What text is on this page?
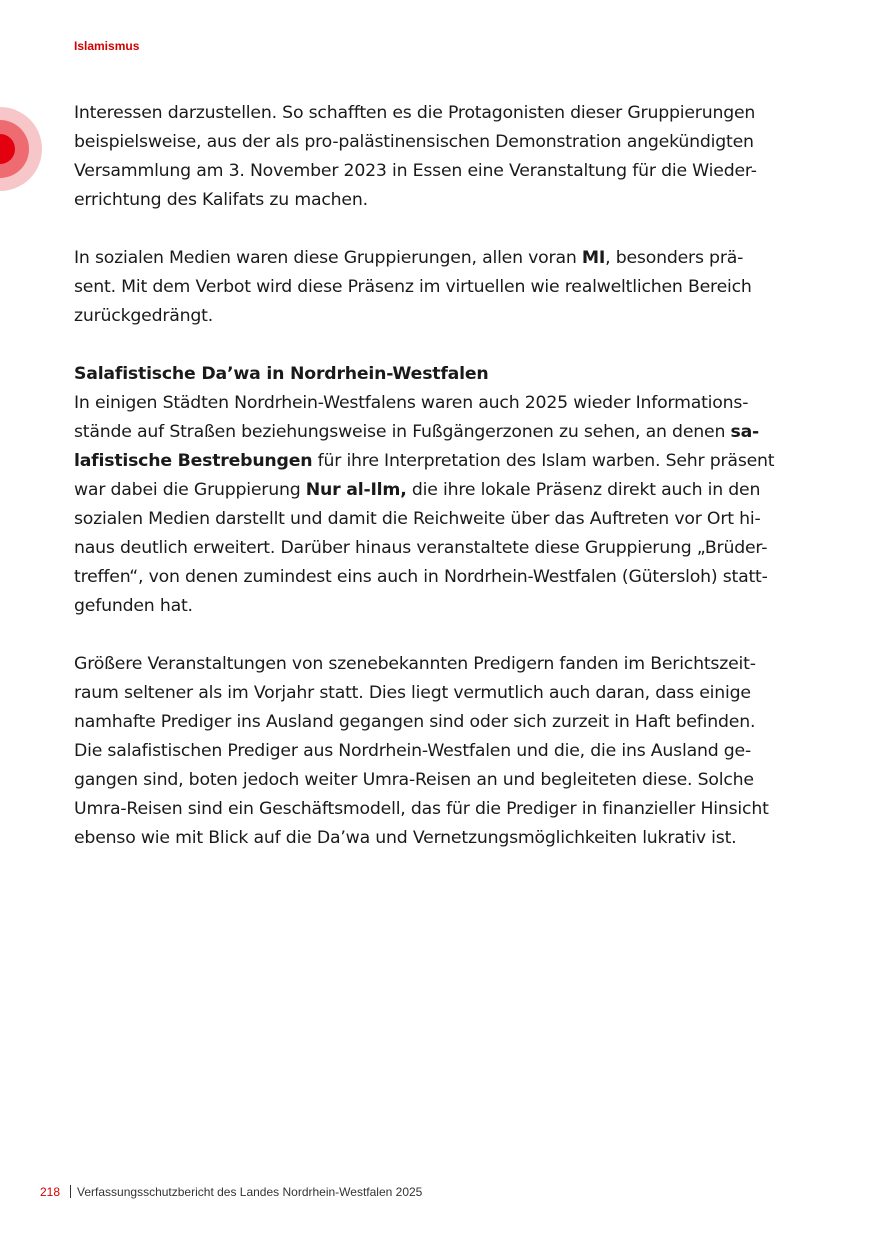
Islamismus
Interessen darzustellen. So schafften es die Protagonisten dieser Gruppierungen
beispielsweise, aus der als pro-palästinensischen Demonstration angekündigten
Versammlung am 3. November 2023 in Essen eine Veranstaltung für die Wieder-
errichtung des Kalifats zu machen.
In sozialen Medien waren diese Gruppierungen, allen voran MI, besonders prä-
sent. Mit dem Verbot wird diese Präsenz im virtuellen wie realweltlichen Bereich
zurückgedrängt.
Salafistische Da’wa in Nordrhein-Westfalen
In einigen Städten Nordrhein-Westfalens waren auch 2025 wieder Informations-
stände auf Straßen beziehungsweise in Fußgängerzonen zu sehen, an denen sa-
lafistische Bestrebungen für ihre Interpretation des Islam warben. Sehr präsent
war dabei die Gruppierung Nur al-Ilm, die ihre lokale Präsenz direkt auch in den
sozialen Medien darstellt und damit die Reichweite über das Auftreten vor Ort hi-
naus deutlich erweitert. Darüber hinaus veranstaltete diese Gruppierung „Brüder-
treffen“, von denen zumindest eins auch in Nordrhein-Westfalen (Gütersloh) statt-
gefunden hat.
Größere Veranstaltungen von szenebekannten Predigern fanden im Berichtszeit-
raum seltener als im Vorjahr statt. Dies liegt vermutlich auch daran, dass einige
namhafte Prediger ins Ausland gegangen sind oder sich zurzeit in Haft befinden.
Die salafistischen Prediger aus Nordrhein-Westfalen und die, die ins Ausland ge-
gangen sind, boten jedoch weiter Umra-Reisen an und begleiteten diese. Solche
Umra-Reisen sind ein Geschäftsmodell, das für die Prediger in finanzieller Hinsicht
ebenso wie mit Blick auf die Da’wa und Vernetzungsmöglichkeiten lukrativ ist.
218 Verfassungsschutzbericht des Landes Nordrhein-Westfalen 2025
